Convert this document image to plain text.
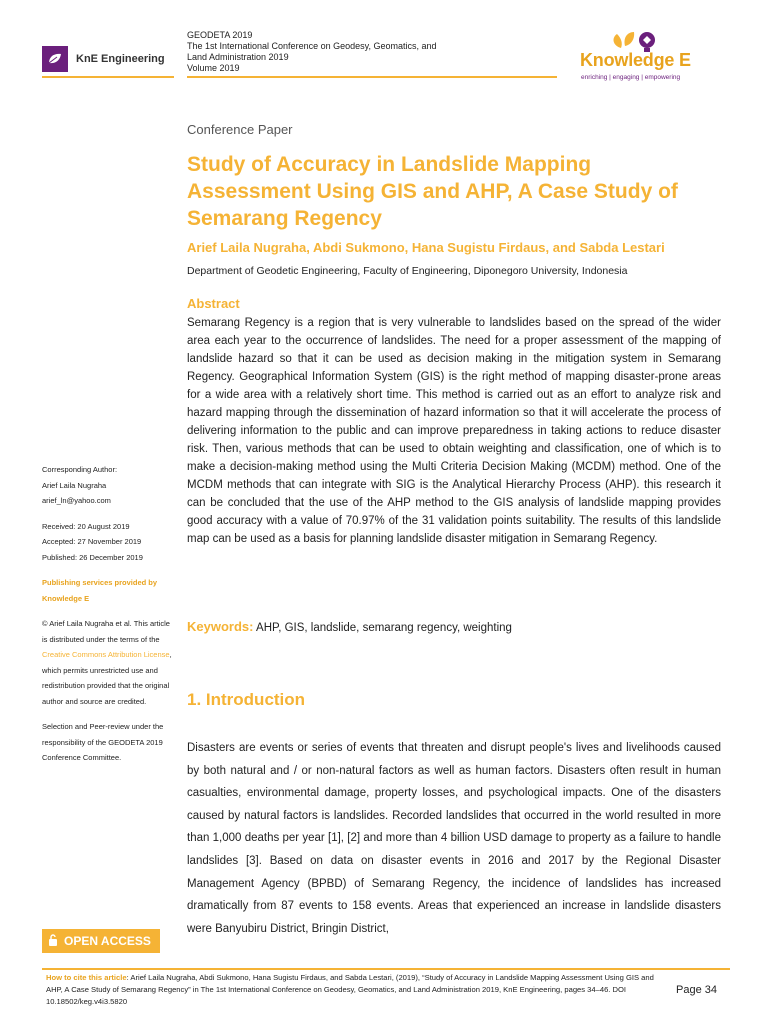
KnE Engineering
GEODETA 2019
The 1st International Conference on Geodesy, Geomatics, and
Land Administration 2019
Volume 2019	Knowledge E
enriching | engaging | empowering
Conference Paper
Study of Accuracy in Landslide Mapping Assessment Using GIS and AHP, A Case Study of Semarang Regency
Arief Laila Nugraha, Abdi Sukmono, Hana Sugistu Firdaus, and Sabda Lestari
Department of Geodetic Engineering, Faculty of Engineering, Diponegoro University, Indonesia
Abstract

Semarang Regency is a region that is very vulnerable to landslides based on the spread of the wider area each year to the occurrence of landslides. The need for a proper assessment of the mapping of landslide hazard so that it can be used as decision making in the mitigation system in Semarang Regency. Geographical Information System (GIS) is the right method of mapping disaster-prone areas for a wide area with a relatively short time. This method is carried out as an effort to analyze risk and hazard mapping through the dissemination of hazard information so that it will accelerate the process of delivering information to the public and can improve preparedness in taking actions to reduce disaster risk. Then, various methods that can be used to obtain weighting and classification, one of which is to make a decision-making method using the Multi Criteria Decision Making (MCDM) method. One of the MCDM methods that can integrate with SIG is the Analytical Hierarchy Process (AHP). this research it can be concluded that the use of the AHP method to the GIS analysis of landslide mapping provides good accuracy with a value of 70.97% of the 31 validation points suitability. The results of this landslide map can be used as a basis for planning landslide disaster mitigation in Semarang Regency.

Keywords: AHP, GIS, landslide, semarang regency, weighting
1. Introduction

Disasters are events or series of events that threaten and disrupt people's lives and livelihoods caused by both natural and / or non-natural factors as well as human factors. Disasters often result in human casualties, environmental damage, property losses, and psychological impacts. One of the disasters caused by natural factors is landslides. Recorded landslides that occurred in the world resulted in more than 1,000 deaths per year [1], [2] and more than 4 billion USD damage to property as a failure to handle landslides [3]. Based on data on disaster events in 2016 and 2017 by the Regional Disaster Management Agency (BPBD) of Semarang Regency, the incidence of landslides has increased dramatically from 87 events to 158 events. Areas that experienced an increase in landslide disasters were Banyubiru District, Bringin District,

Corresponding Author:
Arief Laila Nugraha
arief_ln@yahoo.com
Received: 20 August 2019
Accepted: 27 November 2019
Published: 26 December 2019
Publishing services provided by
Knowledge E
© Arief Laila Nugraha et al. This article is distributed under the terms of the Creative Commons Attribution License, which permits unrestricted use and redistribution provided that the original author and source are credited.
Selection and Peer-review under the responsibility of the GEODETA 2019 Conference Committee.
OPEN ACCESS
How to cite this article: Arief Laila Nugraha, Abdi Sukmono, Hana Sugistu Firdaus, and Sabda Lestari, (2019), “Study of Accuracy in Landslide Mapping Assessment Using GIS and AHP, A Case Study of Semarang Regency” in The 1st International Conference on Geodesy, Geomatics, and Land Administration 2019, KnE Engineering, pages 34–46. DOI 10.18502/keg.v4i3.5820
Page 34
